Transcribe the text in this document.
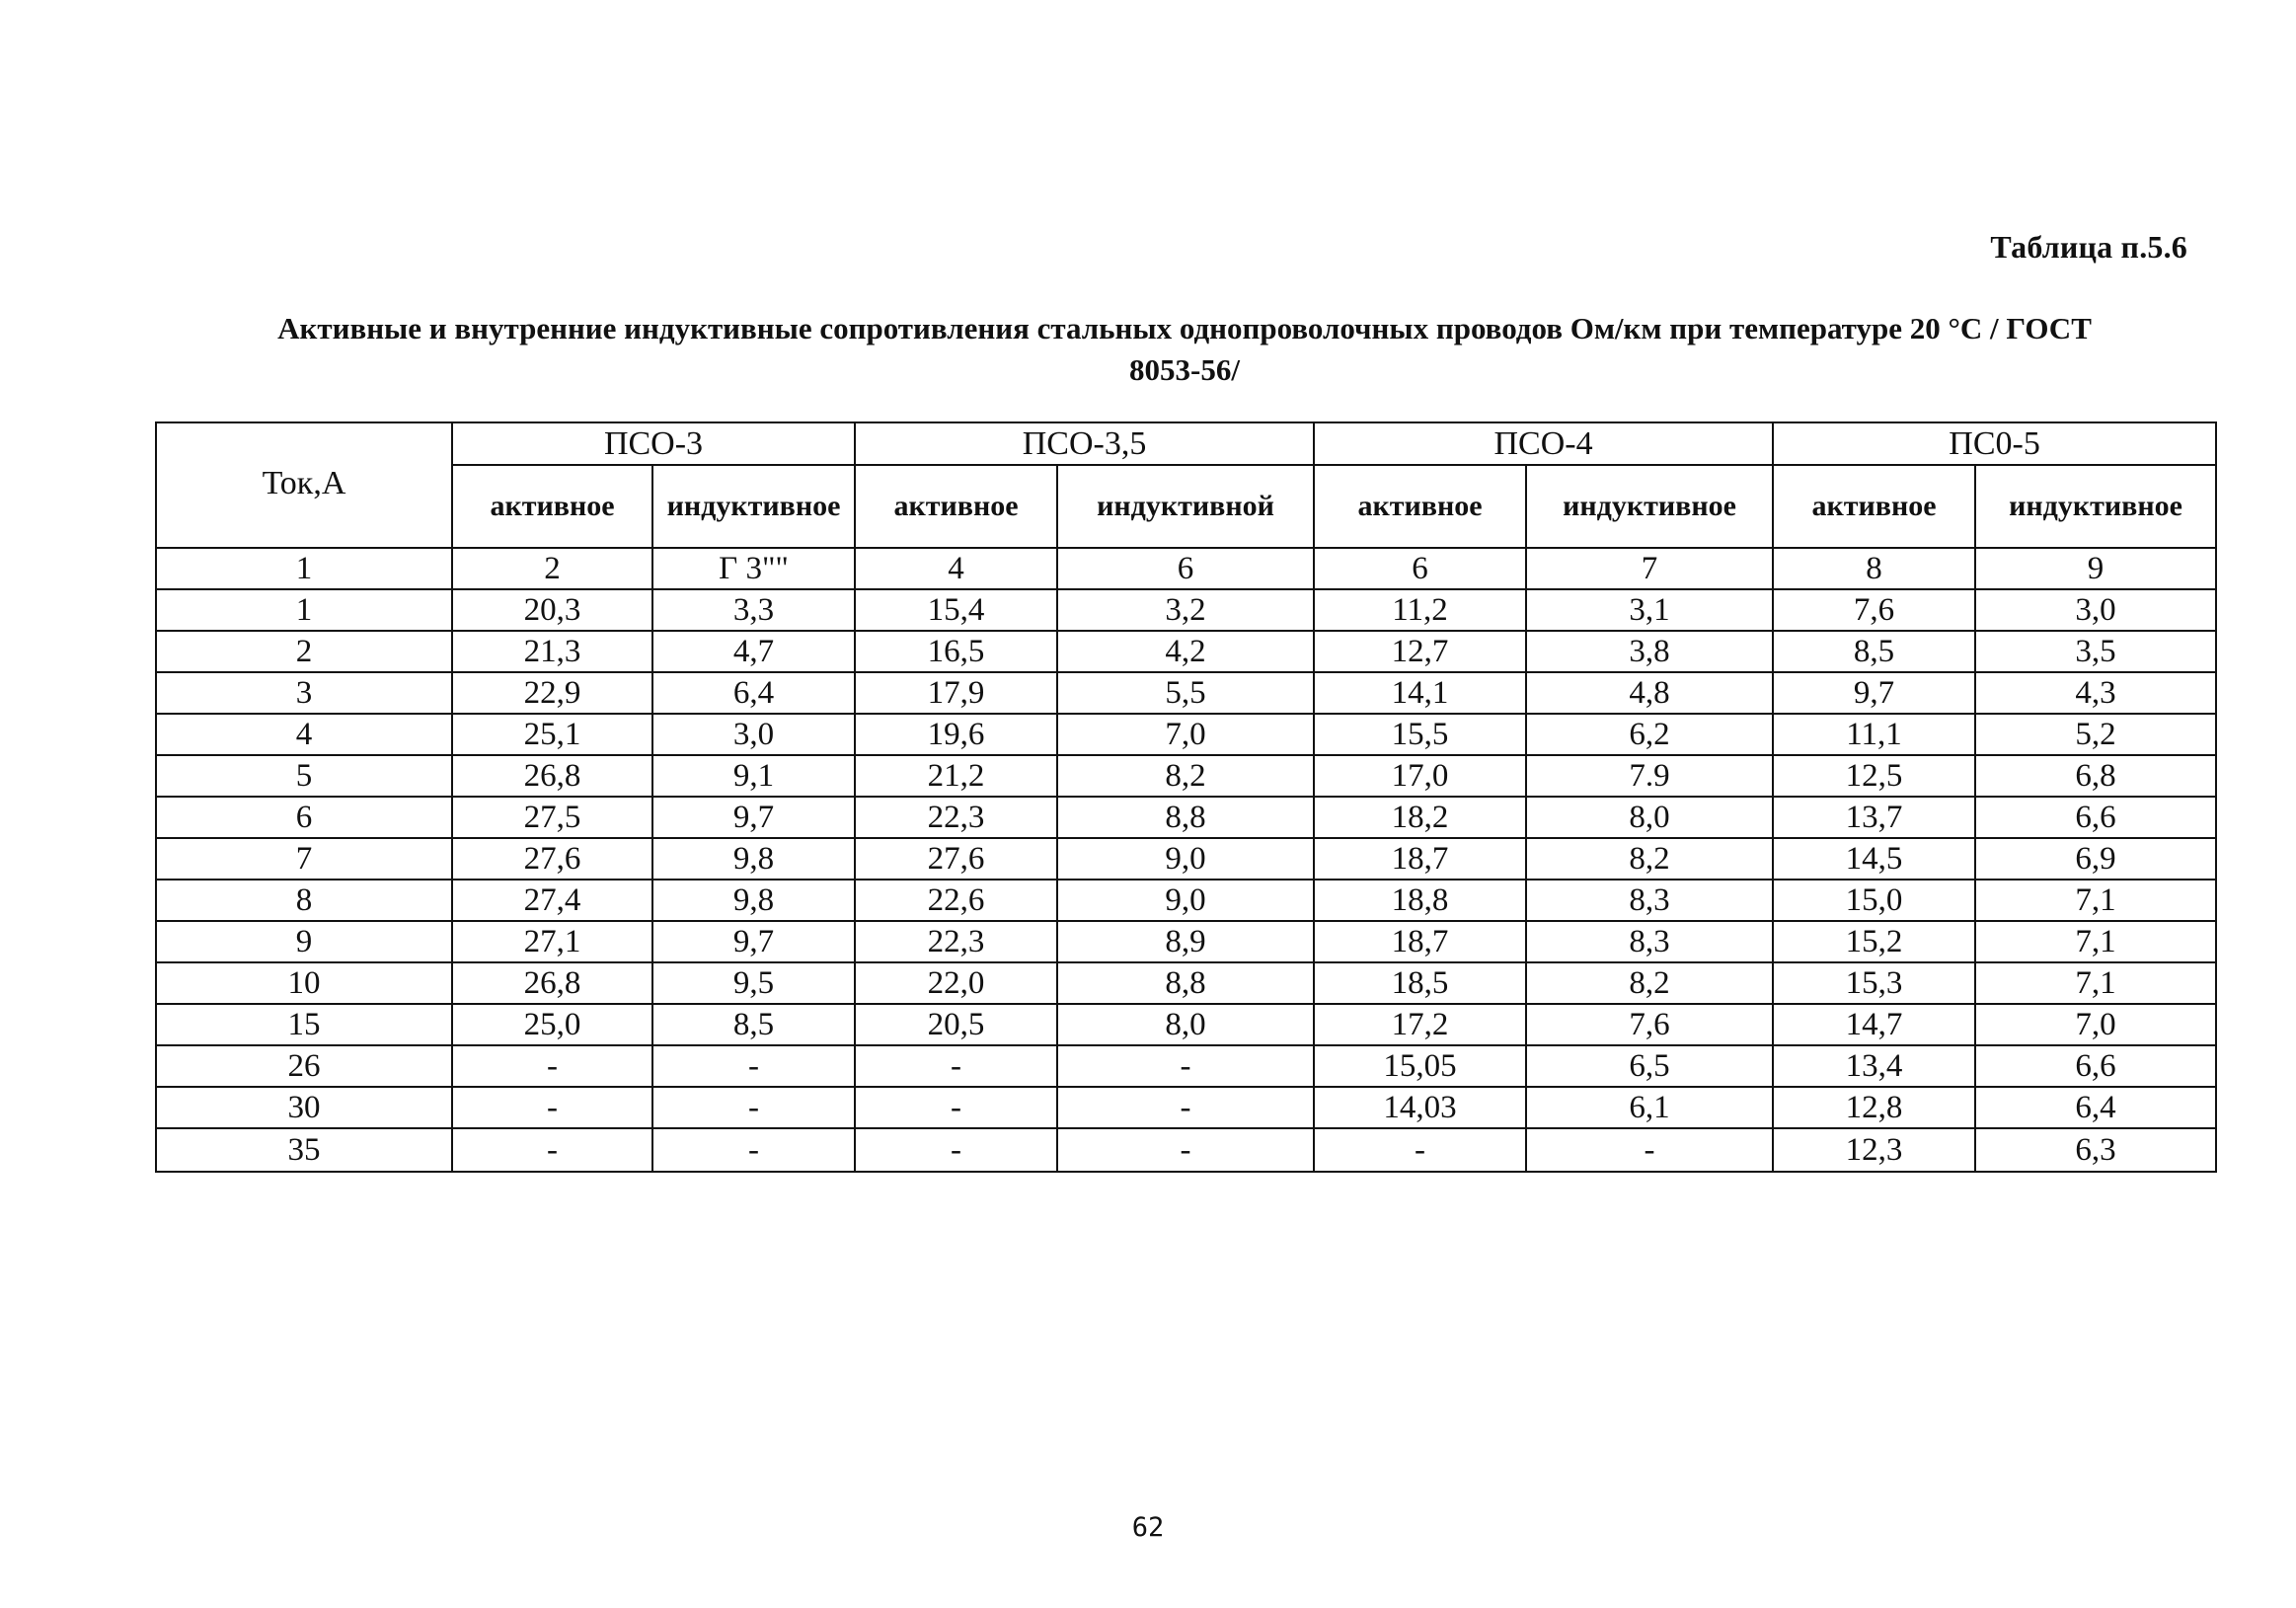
Таблица п.5.6
Активные и внутренние индуктивные сопротивления стальных однопроволочных проводов Ом/км при температуре 20 °С / ГОСТ
8053-56/
Ток,А	ПСО-3		ПСО-3,5		ПСО-4		ПС0-5	
	активное	индуктивное	активное	индуктивной	активное	индуктивное	активное	индуктивное
1	2	Г 3""	4	6	6	7	8	9
1	20,3	3,3	15,4	3,2	11,2	3,1	7,6	3,0
2	21,3	4,7	16,5	4,2	12,7	3,8	8,5	3,5
3	22,9	6,4	17,9	5,5	14,1	4,8	9,7	4,3
4	25,1	3,0	19,6	7,0	15,5	6,2	11,1	5,2
5	26,8	9,1	21,2	8,2	17,0	7.9	12,5	6,8
6	27,5	9,7	22,3	8,8	18,2	8,0	13,7	6,6
7	27,6	9,8	27,6	9,0	18,7	8,2	14,5	6,9
8	27,4	9,8	22,6	9,0	18,8	8,3	15,0	7,1
9	27,1	9,7	22,3	8,9	18,7	8,3	15,2	7,1
10	26,8	9,5	22,0	8,8	18,5	8,2	15,3	7,1
15	25,0	8,5	20,5	8,0	17,2	7,6	14,7	7,0
26	-	-	-	-	15,05	6,5	13,4	6,6
30	-	-	-	-	14,03	6,1	12,8	6,4
35	-	-	-	-	-	-	12,3	6,3
62
